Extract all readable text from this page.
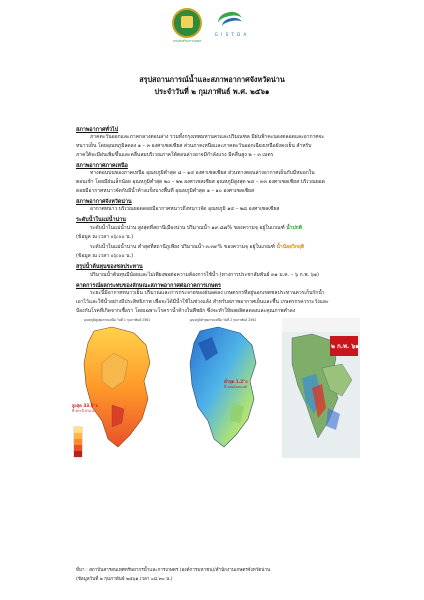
กรมส่งเสริมการเกษตร
G I S T D A
สรุปสถานการณ์น้ำและสภาพอากาศจังหวัดน่าน
ประจำวันที่ ๒ กุมภาพันธ์ พ.ศ. ๒๕๖๑
สภาพอากาศทั่วไป
ภาคตะวันออกและภาคกลางตอนล่าง รวมทั้งกรุงเทพมหานครและปริมณฑล มีฝนฟ้าคะนองตลอดและอากาศจะ
หนาวเย็น โดยอุณหภูมิลดลง ๑ – ๓ องศาเซลเซียส ส่วนภาคเหนือและภาคตะวันออกเฉียงเหนือยังคงเย็น สำหรับ
ภาคใต้จะมีฝนเพิ่มขึ้นและคลื่นลมบริเวณภาคใต้ตอนล่างอาจมีกำลังแรง มีคลื่นสูง ๒ – ๓ เมตร
สภาพอากาศภาคเหนือ
ทางตอนบนของภาคเหนือ อุณหภูมิต่ำสุด ๘ – ๑๔ องศาเซลเซียส ส่วนทางตอนล่างอากาศเย็นกับมีหมอกใน
ตอนเช้า โดยมีฝนเล็กน้อย อุณหภูมิต่ำสุด ๒๐ – ๒๒ องศาเซลเซียส อุณหภูมิสูงสุด ๒๔ – ๓๓ องศาเซลเซียส บริเวณยอด
ดอยมีอากาศหนาวจัดกับมีน้ำค้างแข็งบางพื้นที่ อุณหภูมิต่ำสุด ๑ – ๑๐ องศาเซลเซียส
สภาพอากาศจังหวัดน่าน
อากาศหนาว บริเวณยอดดอยมีอากาศหนาวถึงหนาวจัด อุณหภูมิ ๑๔ – ๒๘ องศาเซลเซียส
ระดับน้ำในแม่น้ำน่าน
ระดับน้ำในแม่น้ำน่าน สูงสุดที่สถานีเมืองน่าน ปริมาณน้ำ ๑๙.๘๗% ของความจุ อยู่ในเกณฑ์ น้ำปกติ
(ข้อมูล ณ เวลา ๐๖:๐๐ น.)
ระดับน้ำในแม่น้ำน่าน ต่ำสุดที่สถานีภูเพียง ปริมาณน้ำ ๓.๓๙% ของความจุ อยู่ในเกณฑ์ น้ำน้อยวิกฤติ
(ข้อมูล ณ เวลา ๐๖:๐๐ น.)
สรุปน้ำต้นทุนของชลประทาน
ปริมาณน้ำต้นทุนมีน้อยและไม่เพียงพอต่อความต้องการใช้น้ำ (ทางการประชาสัมพันธ์ ๓๑ ม.ค. – ๖ ก.พ. ๖๑)
คาดการณ์ผลกระทบของลักษณะสภาพอากาศต่อภาคการเกษตร
ระยะนี้มีอากาศหนาวเย็น ปริมาณและการกระจายของฝนลดลง เกษตรกรที่อยู่นอกเขตชลประทานควรเก็บกักน้ำ
เอาไว้และใช้น้ำอย่างมีประสิทธิภาพ เพื่อจะได้มีน้ำใช้ในช่วงแล้ง สำหรับสภาพอากาศเย็นและชื้น เกษตรกรควรระวังและ
ป้องกันโรคที่เกิดจากเชื้อรา โดยเฉพาะโรคราน้ำค้างในพืชผัก ซึ่งจะทำให้ผลผลิตลดลงและคุณภาพต่ำลง
อุณหภูมิสูงสุดภาคเหนือ วันที่ 1 กุมภาพันธ์ 2561
สูงสุด 33.5°c
ที่ สถานี ลำปาง
อุณหภูมิต่ำสุดภาคเหนือ วันที่ 2 กุมภาพันธ์ 2561
ต่ำสุด 1.2°c
ที่ ดอยอินทนนท์
๒ ก.พ. ๖๑
ที่มา : สถาบันสารสนเทศทรัพยากรน้ำและการเกษตร (องค์การมหาชน)/สำนักงานเกษตรจังหวัดน่าน
(ข้อมูลวันที่ ๒ กุมภาพันธ์ ๒๕๖๑ เวลา ๐๘:๓๐ น.)
